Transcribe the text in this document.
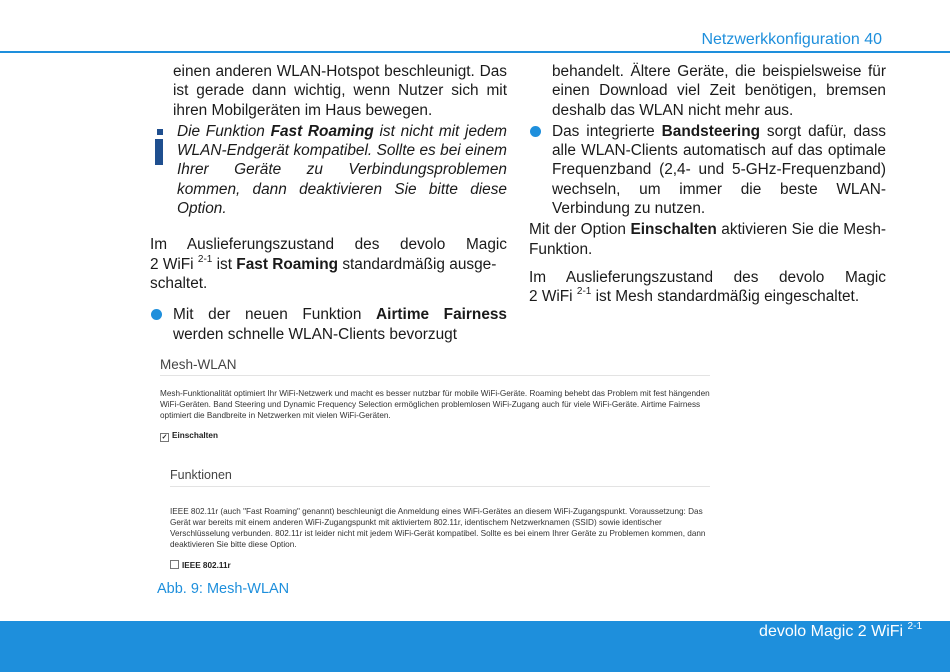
Netzwerkkonfiguration 40

einen anderen WLAN-Hotspot beschleunigt. Das ist gerade dann wichtig, wenn Nutzer sich mit ihren Mobilgeräten im Haus bewegen.

Die Funktion Fast Roaming ist nicht mit jedem WLAN-Endgerät kompatibel. Sollte es bei einem Ihrer Geräte zu Verbindungsproblemen kommen, dann deaktivieren Sie bitte diese Option.

Im Auslieferungszustand des devolo Magic
2 WiFi $^{2-1}$ ist Fast Roaming standardmäßig ausge-
schaltet.

Mit der neuen Funktion Airtime Fairness werden schnelle WLAN-Clients bevorzugt

behandelt. Ältere Geräte, die beispielsweise für einen Download viel Zeit benötigen, bremsen deshalb das WLAN nicht mehr aus.

Das integrierte Bandsteering sorgt dafür, dass alle WLAN-Clients automatisch auf das optimale Frequenzband (2,4- und 5-GHz-Frequenzband) wechseln, um immer die beste WLAN-Verbindung zu nutzen.

Mit der Option Einschalten aktivieren Sie die Mesh-Funktion.

Im Auslieferungszustand des devolo Magic
2 WiFi $^{2-1}$ ist Mesh standardmäßig eingeschaltet.

Mesh-WLAN
Mesh-Funktionalität optimiert Ihr WiFi-Netzwerk und macht es besser nutzbar für mobile WiFi-Geräte. Roaming behebt das Problem mit fest hängenden WiFi-Geräten. Band Steering und Dynamic Frequency Selection ermöglichen problemlosen WiFi-Zugang auch für viele WiFi-Geräte. Airtime Fairness optimiert die Bandbreite in Netzwerken mit vielen WiFi-Geräten.
✓ Einschalten
Funktionen
IEEE 802.11r (auch "Fast Roaming" genannt) beschleunigt die Anmeldung eines WiFi-Gerätes an diesem WiFi-Zugangspunkt. Voraussetzung: Das Gerät war bereits mit einem anderen WiFi-Zugangspunkt mit aktiviertem 802.11r, identischem Netzwerknamen (SSID) sowie identischer Verschlüsselung verbunden. 802.11r ist leider nicht mit jedem WiFi-Gerät kompatibel. Sollte es bei einem Ihrer Geräte zu Problemen kommen, dann deaktivieren Sie bitte diese Option.
IEEE 802.11r
Abb. 9: Mesh-WLAN
devolo Magic 2 WiFi $^{2-1}$
